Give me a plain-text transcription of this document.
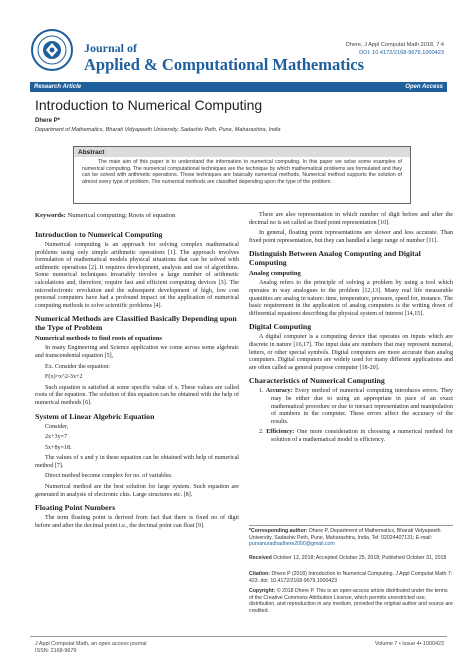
Journal of
Applied & Computational Mathematics
Dhere, J Appl Computat Math 2018, 7:4
DOI: 10.4172/2168-9679.1000423
Research Article	Open Access
Introduction to Numerical Computing
Dhere P*
Department of Mathematics, Bharati Vidyapeeth University, Sadashiv Peth, Pune, Maharashtra, India
Abstract
The main aim of this paper is to understand the information to numerical computing. In this paper we solve some examples of numerical computing. The numerical computational techniques are the technique by which mathematical problems are formulated and they can be solved with arithmetic operations. Those techniques are basically numerical methods. Numerical method supports the solution of almost every type of problem. The numerical methods are classified depending upon the type of the problem.
Keywords: Numerical computing; Roots of equation
Introduction to Numerical Computing

Numerical computing is an approach for solving complex mathematical problems using only simple arithmetic operations [1]. The approach involves formulation of mathematical models physical situations that can be solved with arithmetic operations [2]. It requires development, analysis and use of algorithms. Some numerical techniques invariably involve a large number of arithmetic calculations and, therefore, require fast and efficient computing devices [3]. The microelectronic revolution and the subsequent development of high, low cost personal computers have had a profound impact on the application of numerical computing methods to solve scientific problems [4].

Numerical Methods are Classified Basically Depending upon the Type of Problem
Numerical methods to find roots of equations

In many Engineering and Science application we come across some algebraic and transcendental equation [5],

Ex. Consider the equation:

F(x)=x^2-3x+2

Such equation is satisfied at some specific value of x. These values are called roots of the equation. The solution of this equation can be obtained with the help of numerical methods [6].

System of Linear Algebric Equation

Consider,

2x+3y=7
5x+8y=18.

The values of x and y in these equation can be obtained with help of numerical method [7].

Direct method become complex for no. of variables.

Numerical method are the best solution for large system. Such equation are generated in analysis of electronic ckts. Large structures etc. [8].

Floating Point Numbers

The term floating point is derived from fact that there is fixed no of digit before and after the decimal point i.e., the decimal point can float [9].

There are also representation in which number of digit before and after the decimal no is set called as fixed point representation [10].

In general, floating point representations are slower and less accurate. Than fixed point representation, but they can handled a large range of number [11].

Distinguish Between Analog Computing and Digital Computing
Analog computing

Analog refers to the principle of solving a problem by using a tool which operates in way analogues to the problem [12,13]. Many real life measurable quantities are analog in nature: time, temperature, pressure, speed for, instance. The basic requirement in the application of analog computers is the writing down of differential equations describing the physical system of interest [14,15].

Digital Computing

A digital computer is a computing device that operates on inputs which are discrete in nature [16,17]. The input data are numbers that may represent numeral, letters, or other special symbols. Digital computers are more accurate than analog computers. Digital computers are widely used for many different applications and are often called as general purpose computer [18-20].

Characteristics of Numerical Computing
1. Accuracy: Every method of numerical computing introduces errors. They may be either due to using an appropriate in pace of an exact mathematical procedure or due to inexact representation and manipulation of numbers in the computer. These errors affect the accuracy of the results.
2. Efficiency: One more consideration in choosing a numerical method for solution of a mathematical model is efficiency.
*Corresponding author: Dhere P, Department of Mathematics, Bharati Vidyapeeth University, Sadashiv Peth, Pune, Maharashtra, India, Tel: 02024407131; E-mail: purvanuradhadhere2000@gmail.com
Received October 12, 2018; Accepted October 25, 2018; Published October 31, 2018
Citation: Dhere P (2018) Introduction to Numerical Computing. J Appl Computat Math 7: 423. doi: 10.4172/2168-9679.1000423
Copyright: © 2018 Dhere P. This is an open-access article distributed under the terms of the Creative Commons Attribution License, which permits unrestricted use, distribution, and reproduction in any medium, provided the original author and source are credited.
J Appl Computat Math, an open access journal
ISSN: 2168-9679
Volume 7 • Issue 4• 1000423
